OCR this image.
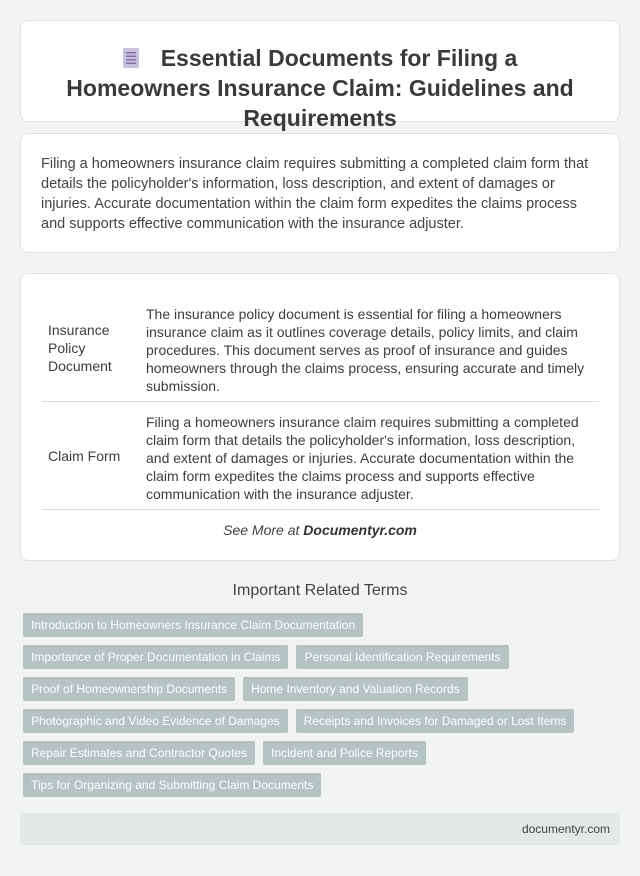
Essential Documents for Filing a Homeowners Insurance Claim: Guidelines and Requirements

Filing a homeowners insurance claim requires submitting a completed claim form that details the policyholder's information, loss description, and extent of damages or injuries. Accurate documentation within the claim form expedites the claims process and supports effective communication with the insurance adjuster.

Insurance Policy Document	The insurance policy document is essential for filing a homeowners insurance claim as it outlines coverage details, policy limits, and claim procedures. This document serves as proof of insurance and guides homeowners through the claims process, ensuring accurate and timely submission.
Claim Form	Filing a homeowners insurance claim requires submitting a completed claim form that details the policyholder's information, loss description, and extent of damages or injuries. Accurate documentation within the claim form expedites the claims process and supports effective communication with the insurance adjuster.
See More at Documentyr.com
Important Related Terms
Introduction to Homeowners Insurance Claim Documentation
Importance of Proper Documentation in Claims	Personal Identification Requirements
Proof of Homeownership Documents	Home Inventory and Valuation Records
Photographic and Video Evidence of Damages	Receipts and Invoices for Damaged or Lost Items
Repair Estimates and Contractor Quotes	Incident and Police Reports
Tips for Organizing and Submitting Claim Documents
documentyr.com
